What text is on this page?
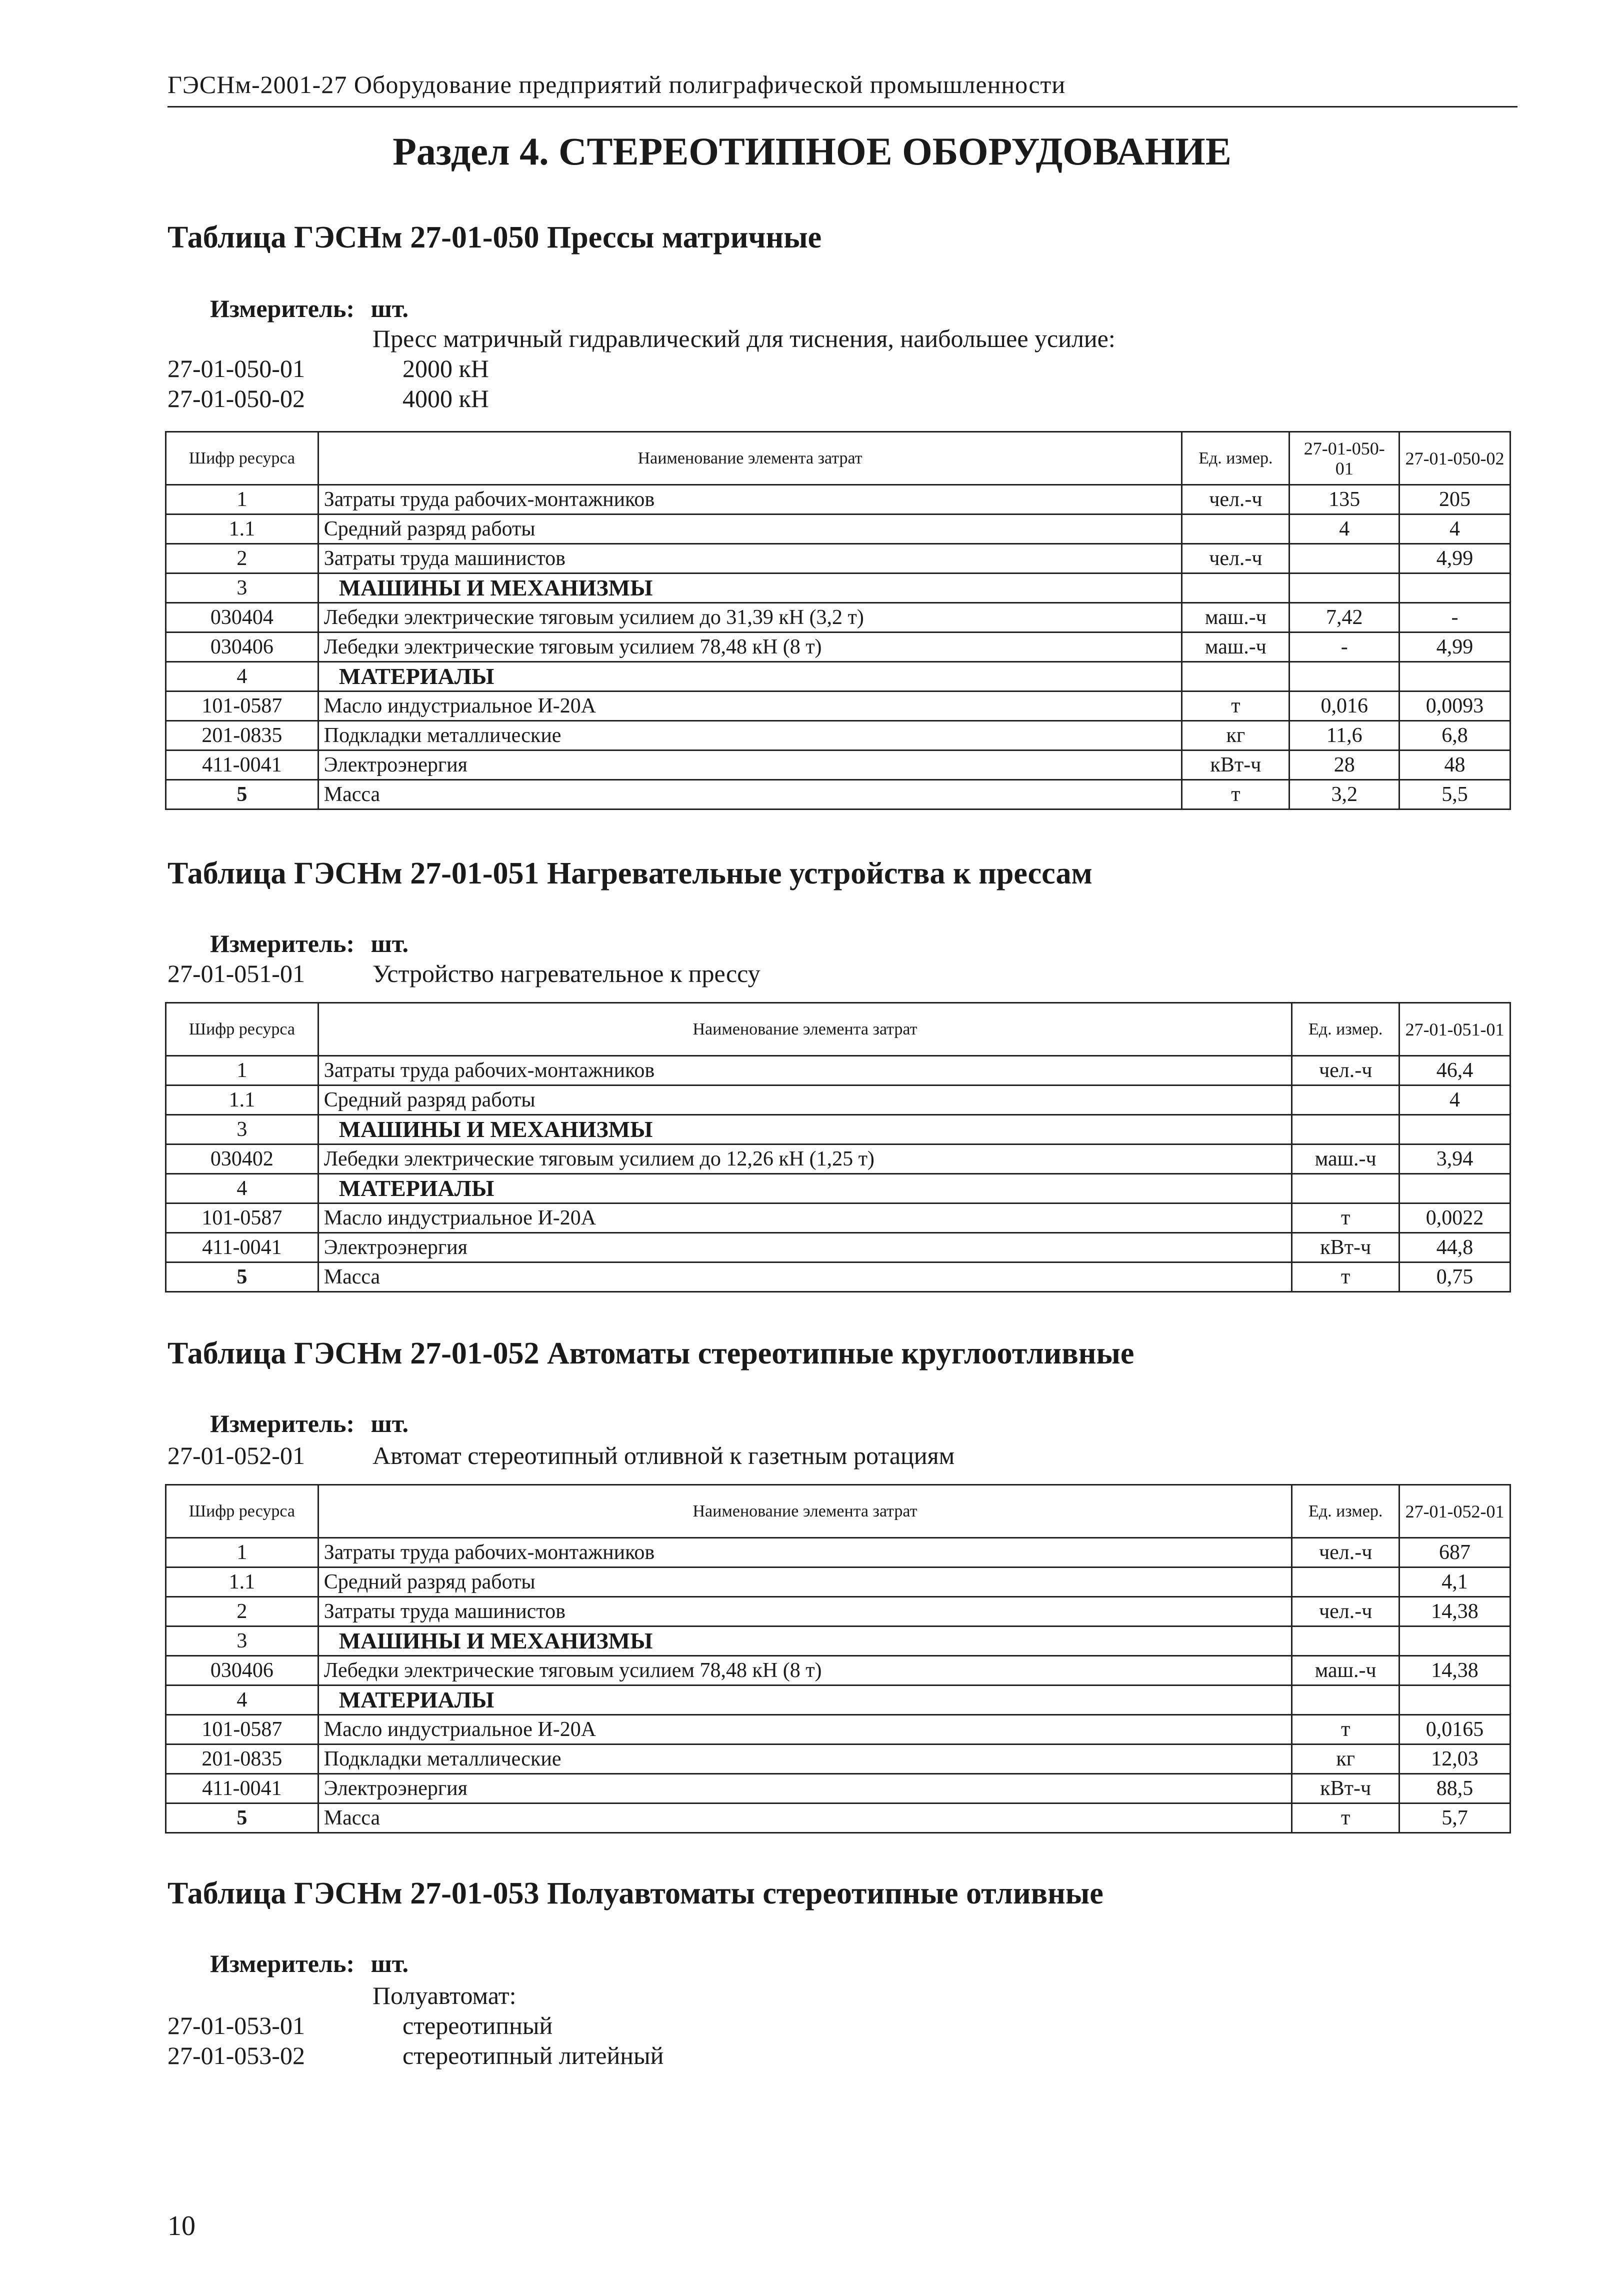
ГЭСНм-2001-27 Оборудование предприятий полиграфической промышленности
Раздел 4. СТЕРЕОТИПНОЕ ОБОРУДОВАНИЕ
Таблица ГЭСНм 27-01-050 Прессы матричные
Измеритель: шт.
Пресс матричный гидравлический для тиснения, наибольшее усилие:
27-01-050-01	2000 кН
27-01-050-02	4000 кН
Шифр ресурса	Наименование элемента затрат	Ед. измер.	27-01-050-01	27-01-050-02
1	Затраты труда рабочих-монтажников	чел.-ч	135	205
1.1	Средний разряд работы		4	4
2	Затраты труда машинистов	чел.-ч		4,99
3	МАШИНЫ И МЕХАНИЗМЫ			
030404	Лебедки электрические тяговым усилием до 31,39 кН (3,2 т)	маш.-ч	7,42	-
030406	Лебедки электрические тяговым усилием 78,48 кН (8 т)	маш.-ч	-	4,99
4	МАТЕРИАЛЫ			
101-0587	Масло индустриальное И-20А	т	0,016	0,0093
201-0835	Подкладки металлические	кг	11,6	6,8
411-0041	Электроэнергия	кВт-ч	28	48
5	Масса	т	3,2	5,5
Таблица ГЭСНм 27-01-051 Нагревательные устройства к прессам
Измеритель: шт.
27-01-051-01	Устройство нагревательное к прессу
Шифр ресурса	Наименование элемента затрат	Ед. измер.	27-01-051-01
1	Затраты труда рабочих-монтажников	чел.-ч	46,4
1.1	Средний разряд работы		4
3	МАШИНЫ И МЕХАНИЗМЫ		
030402	Лебедки электрические тяговым усилием до 12,26 кН (1,25 т)	маш.-ч	3,94
4	МАТЕРИАЛЫ		
101-0587	Масло индустриальное И-20А	т	0,0022
411-0041	Электроэнергия	кВт-ч	44,8
5	Масса	т	0,75
Таблица ГЭСНм 27-01-052 Автоматы стереотипные круглоотливные
Измеритель: шт.
27-01-052-01	Автомат стереотипный отливной к газетным ротациям
Шифр ресурса	Наименование элемента затрат	Ед. измер.	27-01-052-01
1	Затраты труда рабочих-монтажников	чел.-ч	687
1.1	Средний разряд работы		4,1
2	Затраты труда машинистов	чел.-ч	14,38
3	МАШИНЫ И МЕХАНИЗМЫ		
030406	Лебедки электрические тяговым усилием 78,48 кН (8 т)	маш.-ч	14,38
4	МАТЕРИАЛЫ		
101-0587	Масло индустриальное И-20А	т	0,0165
201-0835	Подкладки металлические	кг	12,03
411-0041	Электроэнергия	кВт-ч	88,5
5	Масса	т	5,7
Таблица ГЭСНм 27-01-053 Полуавтоматы стереотипные отливные
Измеритель: шт.
Полуавтомат:
27-01-053-01	стереотипный
27-01-053-02	стереотипный литейный
10
